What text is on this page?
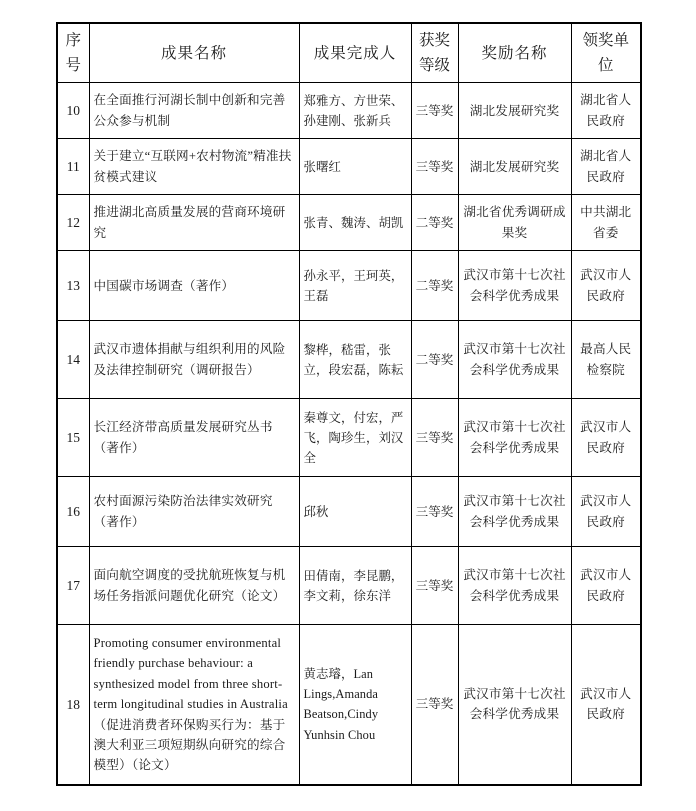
序号	成果名称	成果完成人	获奖等级	奖励名称	领奖单位
10	在全面推行河湖长制中创新和完善公众参与机制	郑雅方、方世荣、孙建刚、张新兵	三等奖	湖北发展研究奖	湖北省人民政府
11	关于建立“互联网+农村物流”精准扶贫模式建议	张曙红	三等奖	湖北发展研究奖	湖北省人民政府
12	推进湖北高质量发展的营商环境研究	张青、魏涛、胡凯	二等奖	湖北省优秀调研成果奖	中共湖北省委
13	中国碳市场调查（著作）	孙永平，王珂英，王磊	二等奖	武汉市第十七次社会科学优秀成果	武汉市人民政府
14	武汉市遗体捐献与组织利用的风险及法律控制研究（调研报告）	黎桦，嵇雷，张立，段宏磊，陈耘	二等奖	武汉市第十七次社会科学优秀成果	最高人民检察院
15	长江经济带高质量发展研究丛书（著作）	秦尊文，付宏，严飞，陶珍生，刘汉全	三等奖	武汉市第十七次社会科学优秀成果	武汉市人民政府
16	农村面源污染防治法律实效研究（著作）	邱秋	三等奖	武汉市第十七次社会科学优秀成果	武汉市人民政府
17	面向航空调度的受扰航班恢复与机场任务指派问题优化研究（论文）	田倩南，李昆鹏，李文莉，徐东洋	三等奖	武汉市第十七次社会科学优秀成果	武汉市人民政府
18	Promoting consumer environmental friendly purchase behaviour: a synthesized model from three short-term longitudinal studies in Australia（促进消费者环保购买行为：基于澳大利亚三项短期纵向研究的综合模型）（论文）	黄志璿，Lan Lings,Amanda Beatson,Cindy Yunhsin Chou	三等奖	武汉市第十七次社会科学优秀成果	武汉市人民政府
